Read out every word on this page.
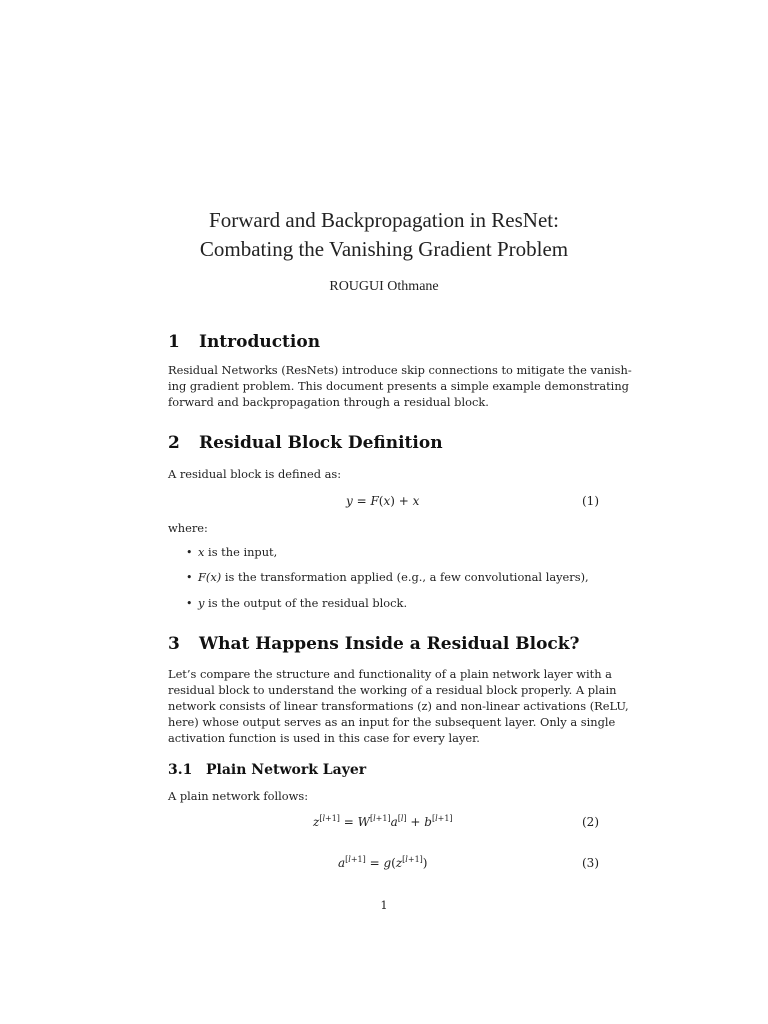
Forward and Backpropagation in ResNet:
Combating the Vanishing Gradient Problem
ROUGUI Othmane
1 Introduction
Residual Networks (ResNets) introduce skip connections to mitigate the vanish-
ing gradient problem. This document presents a simple example demonstrating
forward and backpropagation through a residual block.
2 Residual Block Definition
A residual block is defined as:
y = F(x) + x	(1)
where:
• x is the input,
• F(x) is the transformation applied (e.g., a few convolutional layers),
• y is the output of the residual block.
3 What Happens Inside a Residual Block?
Let’s compare the structure and functionality of a plain network layer with a
residual block to understand the working of a residual block properly. A plain
network consists of linear transformations (z) and non-linear activations (ReLU,
here) whose output serves as an input for the subsequent layer. Only a single
activation function is used in this case for every layer.
3.1 Plain Network Layer
A plain network follows:
z[l+1] = W[l+1]a[l] + b[l+1]	(2)
a[l+1] = g(z[l+1])	(3)
1
